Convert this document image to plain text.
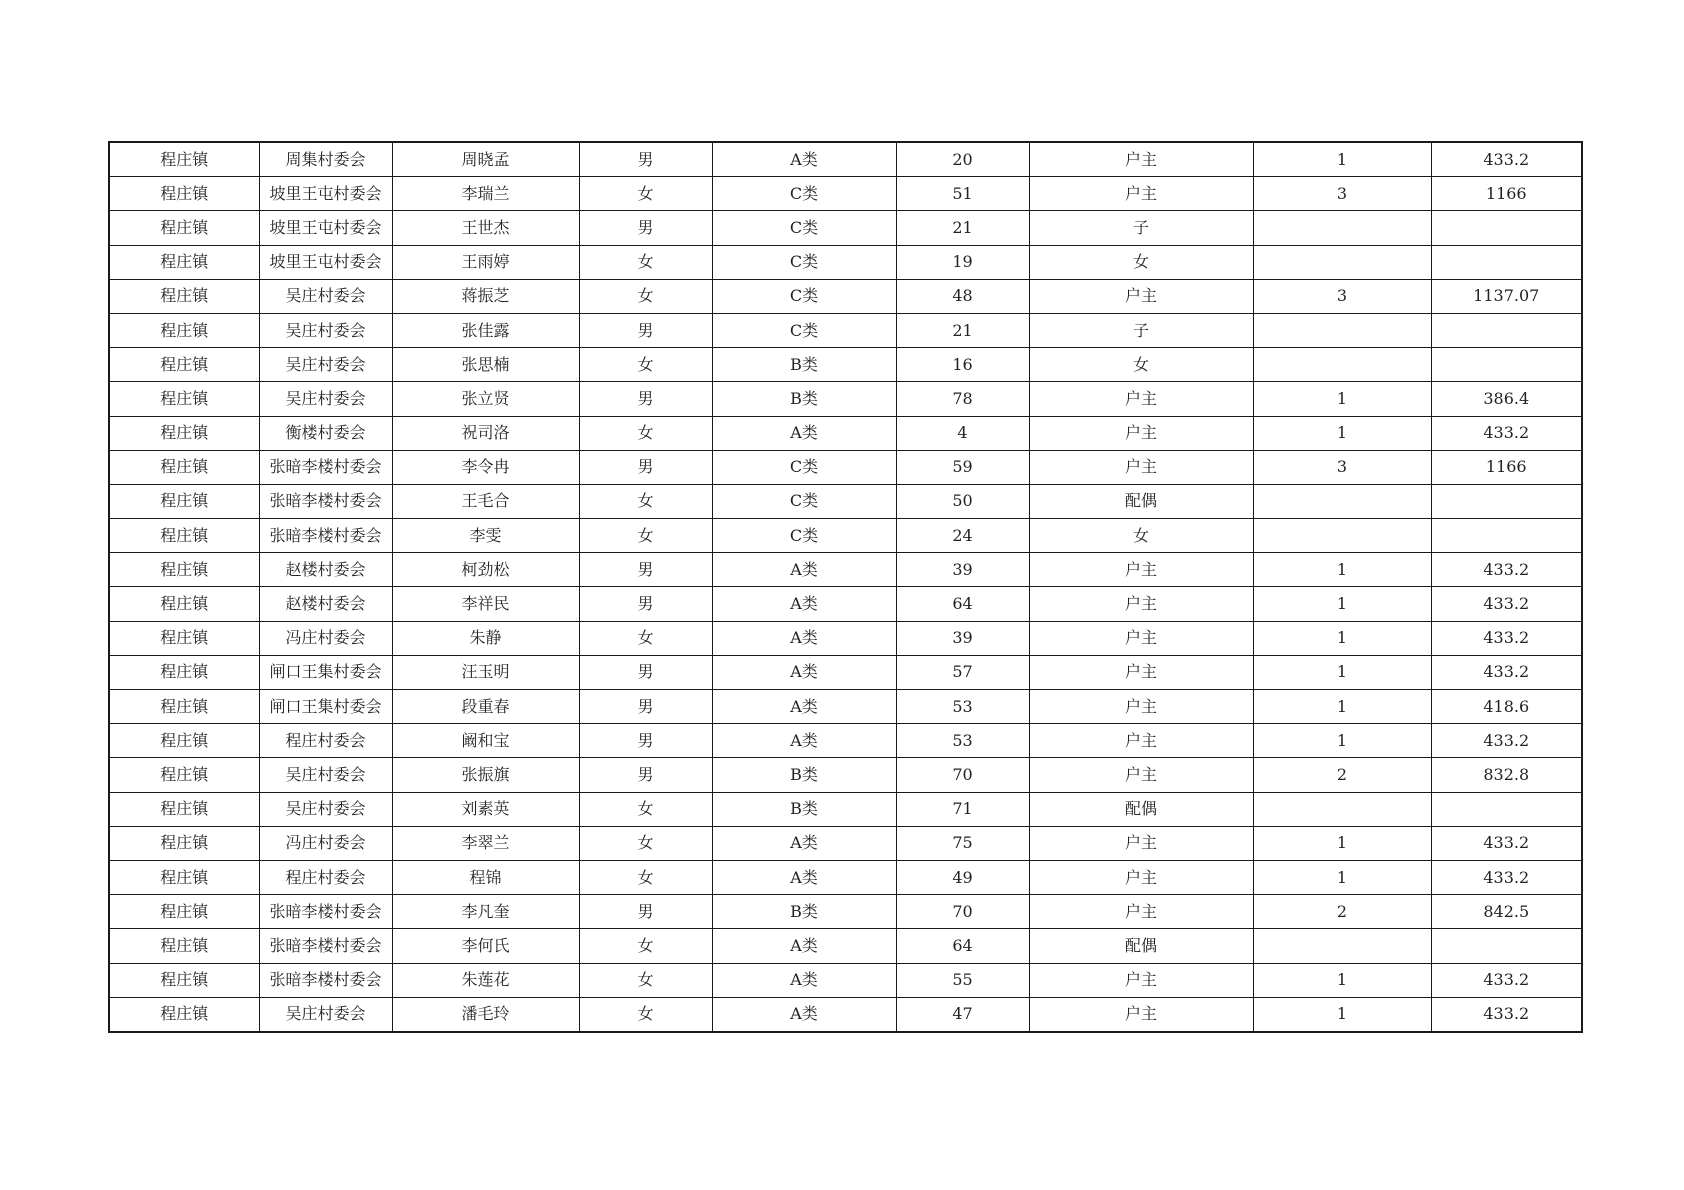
程庄镇	周集村委会	周晓孟	男	A类	20	户主	1	433.2
程庄镇	坡里王屯村委会	李瑞兰	女	C类	51	户主	3	1166
程庄镇	坡里王屯村委会	王世杰	男	C类	21	子		
程庄镇	坡里王屯村委会	王雨婷	女	C类	19	女		
程庄镇	吴庄村委会	蒋振芝	女	C类	48	户主	3	1137.07
程庄镇	吴庄村委会	张佳露	男	C类	21	子		
程庄镇	吴庄村委会	张思楠	女	B类	16	女		
程庄镇	吴庄村委会	张立贤	男	B类	78	户主	1	386.4
程庄镇	衡楼村委会	祝司洛	女	A类	4	户主	1	433.2
程庄镇	张暗李楼村委会	李令冉	男	C类	59	户主	3	1166
程庄镇	张暗李楼村委会	王毛合	女	C类	50	配偶		
程庄镇	张暗李楼村委会	李雯	女	C类	24	女		
程庄镇	赵楼村委会	柯劲松	男	A类	39	户主	1	433.2
程庄镇	赵楼村委会	李祥民	男	A类	64	户主	1	433.2
程庄镇	冯庄村委会	朱静	女	A类	39	户主	1	433.2
程庄镇	闸口王集村委会	汪玉明	男	A类	57	户主	1	433.2
程庄镇	闸口王集村委会	段重春	男	A类	53	户主	1	418.6
程庄镇	程庄村委会	阚和宝	男	A类	53	户主	1	433.2
程庄镇	吴庄村委会	张振旗	男	B类	70	户主	2	832.8
程庄镇	吴庄村委会	刘素英	女	B类	71	配偶		
程庄镇	冯庄村委会	李翠兰	女	A类	75	户主	1	433.2
程庄镇	程庄村委会	程锦	女	A类	49	户主	1	433.2
程庄镇	张暗李楼村委会	李凡奎	男	B类	70	户主	2	842.5
程庄镇	张暗李楼村委会	李何氏	女	A类	64	配偶		
程庄镇	张暗李楼村委会	朱莲花	女	A类	55	户主	1	433.2
程庄镇	吴庄村委会	潘毛玲	女	A类	47	户主	1	433.2
